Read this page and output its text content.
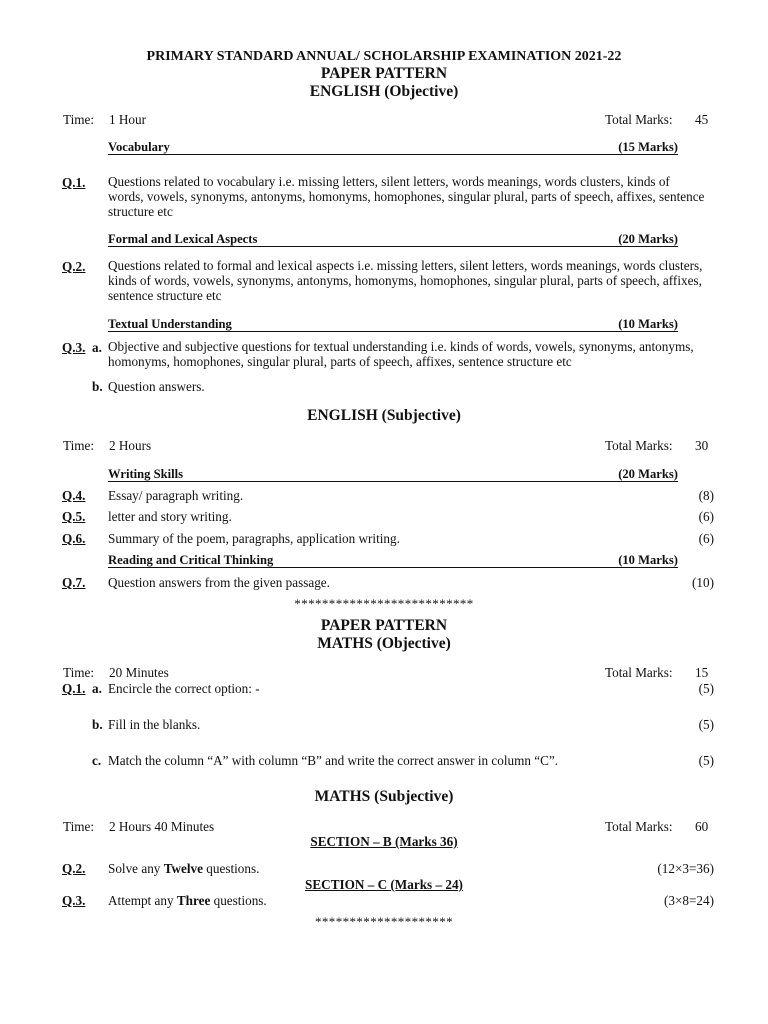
PRIMARY STANDARD ANNUAL/ SCHOLARSHIP EXAMINATION 2021-22
PAPER PATTERN
ENGLISH (Objective)
Time: 1 Hour	Total Marks: 45
Vocabulary	(15 Marks)
Q.1. Questions related to vocabulary i.e. missing letters, silent letters, words meanings, words clusters, kinds of words, vowels, synonyms, antonyms, homonyms, homophones, singular plural, parts of speech, affixes, sentence structure etc
Formal and Lexical Aspects	(20 Marks)
Q.2. Questions related to formal and lexical aspects i.e. missing letters, silent letters, words meanings, words clusters, kinds of words, vowels, synonyms, antonyms, homonyms, homophones, singular plural, parts of speech, affixes, sentence structure etc
Textual Understanding	(10 Marks)
Q.3. a. Objective and subjective questions for textual understanding i.e. kinds of words, vowels, synonyms, antonyms, homonyms, homophones, singular plural, parts of speech, affixes, sentence structure etc
b. Question answers.
ENGLISH (Subjective)
Time: 2 Hours	Total Marks: 30
Writing Skills	(20 Marks)
Q.4. Essay/ paragraph writing.	(8)
Q.5. letter and story writing.	(6)
Q.6. Summary of the poem, paragraphs, application writing.	(6)
Reading and Critical Thinking	(10 Marks)
Q.7. Question answers from the given passage.	(10)
**************************
PAPER PATTERN
MATHS (Objective)
Time: 20 Minutes	Total Marks: 15
Q.1. a. Encircle the correct option: -	(5)
b. Fill in the blanks.	(5)
c. Match the column “A” with column “B” and write the correct answer in column “C”.	(5)
MATHS (Subjective)
Time: 2 Hours 40 Minutes	Total Marks: 60
SECTION – B (Marks 36)
Q.2. Solve any Twelve questions.	(12×3=36)
SECTION – C (Marks – 24)
Q.3. Attempt any Three questions.	(3×8=24)
********************
